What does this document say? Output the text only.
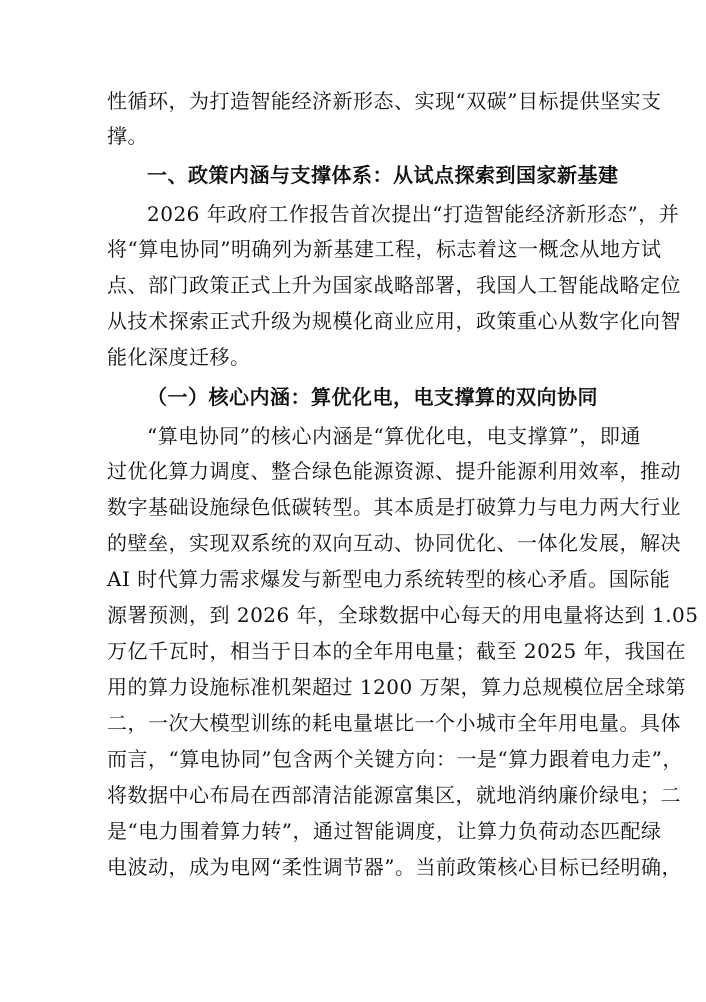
性循环，为打造智能经济新形态、实现“双碳”目标提供坚实支
撑。
一、政策内涵与支撑体系：从试点探索到国家新基建
2026 年政府工作报告首次提出“打造智能经济新形态”，并
将“算电协同”明确列为新基建工程，标志着这一概念从地方试
点、部门政策正式上升为国家战略部署，我国人工智能战略定位
从技术探索正式升级为规模化商业应用，政策重心从数字化向智
能化深度迁移。
（一）核心内涵：算优化电，电支撑算的双向协同
“算电协同”的核心内涵是“算优化电，电支撑算”，即通
过优化算力调度、整合绿色能源资源、提升能源利用效率，推动
数字基础设施绿色低碳转型。其本质是打破算力与电力两大行业
的壁垒，实现双系统的双向互动、协同优化、一体化发展，解决
AI 时代算力需求爆发与新型电力系统转型的核心矛盾。国际能
源署预测，到 2026 年，全球数据中心每天的用电量将达到 1.05
万亿千瓦时，相当于日本的全年用电量；截至 2025 年，我国在
用的算力设施标准机架超过 1200 万架，算力总规模位居全球第
二，一次大模型训练的耗电量堪比一个小城市全年用电量。具体
而言，“算电协同”包含两个关键方向：一是“算力跟着电力走”，
将数据中心布局在西部清洁能源富集区，就地消纳廉价绿电；二
是“电力围着算力转”，通过智能调度，让算力负荷动态匹配绿
电波动，成为电网“柔性调节器”。当前政策核心目标已经明确，
